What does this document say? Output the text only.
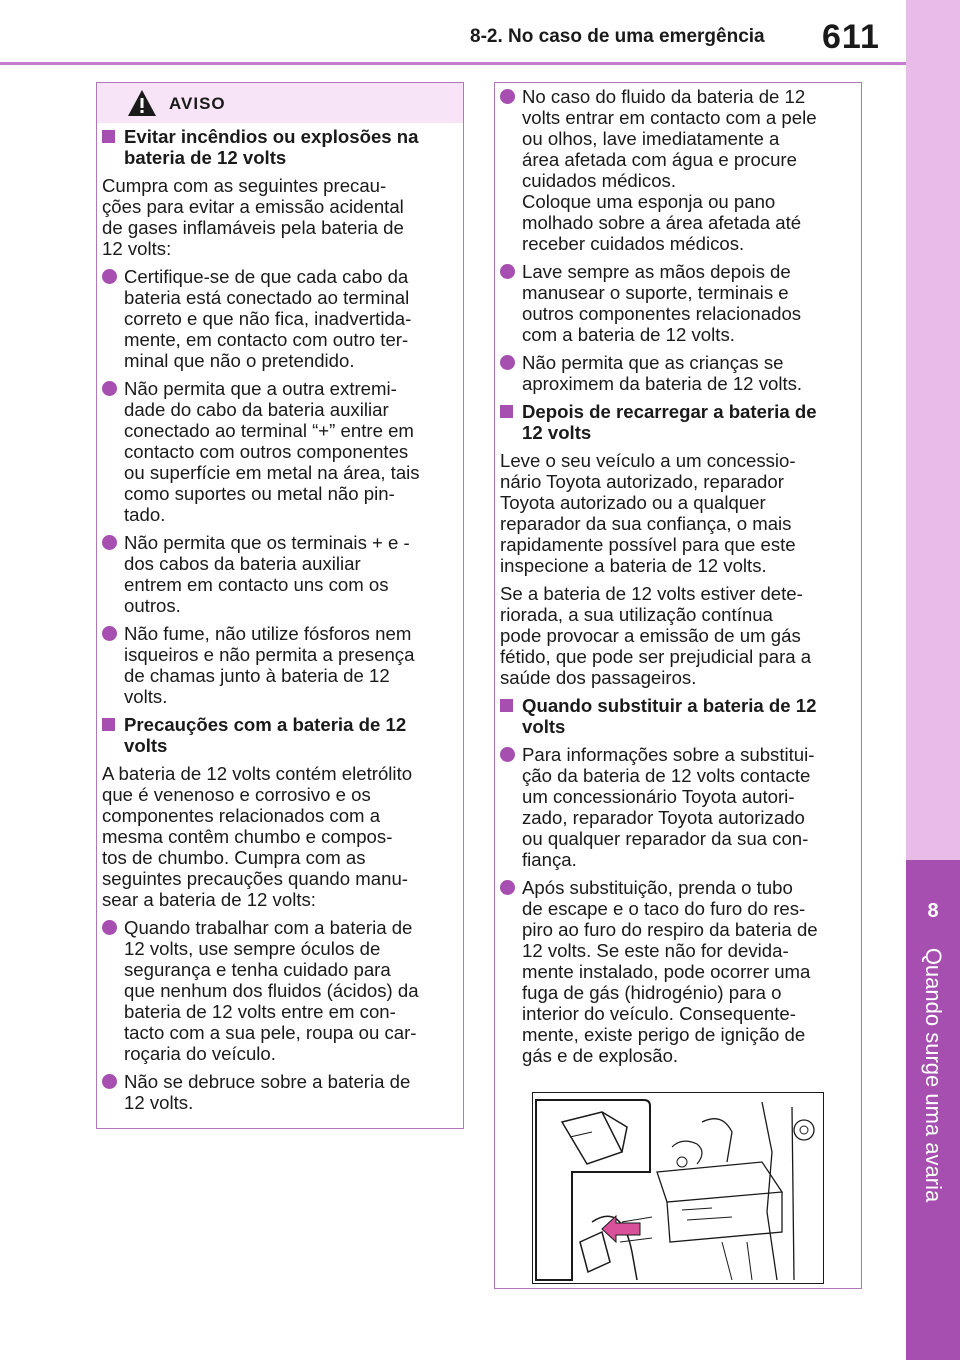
8-2. No caso de uma emergência 611
8
Quando surge uma avaria
AVISO
Evitar incêndios ou explosões na
bateria de 12 volts

Cumpra com as seguintes precau-
ções para evitar a emissão acidental
de gases inflamáveis pela bateria de
12 volts:

Certifique-se de que cada cabo da
bateria está conectado ao terminal
correto e que não fica, inadvertida-
mente, em contacto com outro ter-
minal que não o pretendido.
Não permita que a outra extremi-
dade do cabo da bateria auxiliar
conectado ao terminal “+” entre em
contacto com outros componentes
ou superfície em metal na área, tais
como suportes ou metal não pin-
tado.
Não permita que os terminais + e -
dos cabos da bateria auxiliar
entrem em contacto uns com os
outros.
Não fume, não utilize fósforos nem
isqueiros e não permita a presença
de chamas junto à bateria de 12
volts.
Precauções com a bateria de 12
volts

A bateria de 12 volts contém eletrólito
que é venenoso e corrosivo e os
componentes relacionados com a
mesma contêm chumbo e compos-
tos de chumbo. Cumpra com as
seguintes precauções quando manu-
sear a bateria de 12 volts:

Quando trabalhar com a bateria de
12 volts, use sempre óculos de
segurança e tenha cuidado para
que nenhum dos fluidos (ácidos) da
bateria de 12 volts entre em con-
tacto com a sua pele, roupa ou car-
roçaria do veículo.
Não se debruce sobre a bateria de
12 volts.
No caso do fluido da bateria de 12
volts entrar em contacto com a pele
ou olhos, lave imediatamente a
área afetada com água e procure
cuidados médicos.
Coloque uma esponja ou pano
molhado sobre a área afetada até
receber cuidados médicos.
Lave sempre as mãos depois de
manusear o suporte, terminais e
outros componentes relacionados
com a bateria de 12 volts.
Não permita que as crianças se
aproximem da bateria de 12 volts.
Depois de recarregar a bateria de
12 volts

Leve o seu veículo a um concessio-
nário Toyota autorizado, reparador
Toyota autorizado ou a qualquer
reparador da sua confiança, o mais
rapidamente possível para que este
inspecione a bateria de 12 volts.

Se a bateria de 12 volts estiver dete-
riorada, a sua utilização contínua
pode provocar a emissão de um gás
fétido, que pode ser prejudicial para a
saúde dos passageiros.

Quando substituir a bateria de 12
volts
Para informações sobre a substitui-
ção da bateria de 12 volts contacte
um concessionário Toyota autori-
zado, reparador Toyota autorizado
ou qualquer reparador da sua con-
fiança.
Após substituição, prenda o tubo
de escape e o taco do furo do res-
piro ao furo do respiro da bateria de
12 volts. Se este não for devida-
mente instalado, pode ocorrer uma
fuga de gás (hidrogénio) para o
interior do veículo. Consequente-
mente, existe perigo de ignição de
gás e de explosão.
